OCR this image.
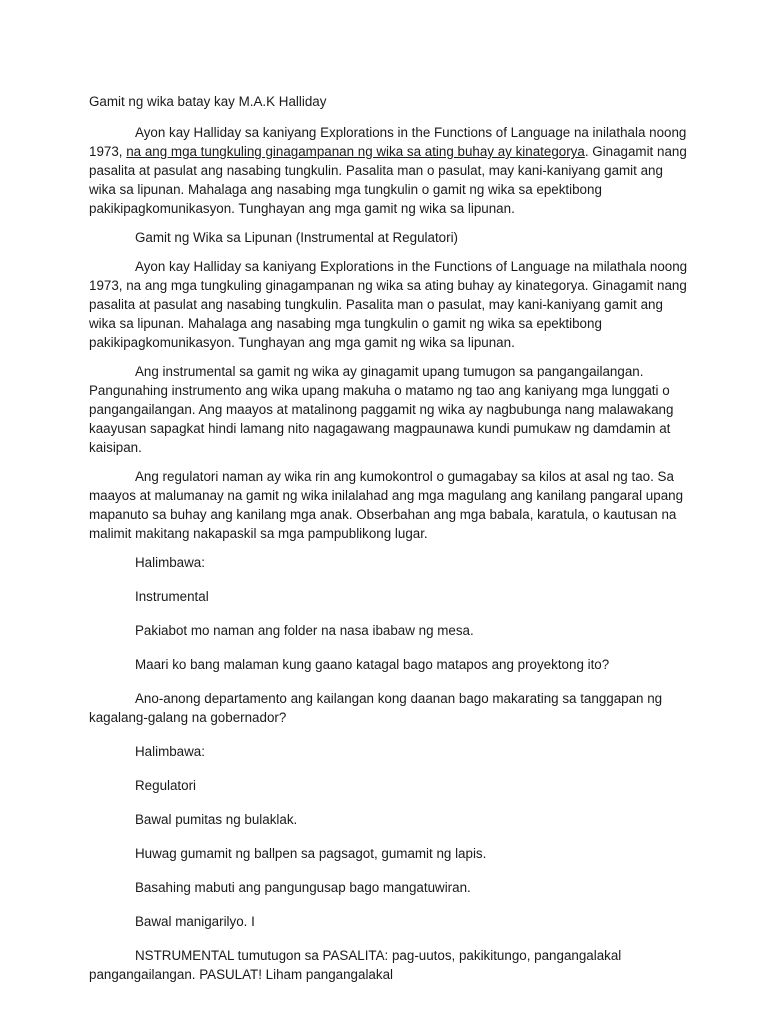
Gamit ng wika batay kay M.A.K Halliday

Ayon kay Halliday sa kaniyang Explorations in the Functions of Language na inilathala noong 1973, na ang mga tungkuling ginagampanan ng wika sa ating buhay ay kinategorya. Ginagamit nang pasalita at pasulat ang nasabing tungkulin. Pasalita man o pasulat, may kani-kaniyang gamit ang wika sa lipunan. Mahalaga ang nasabing mga tungkulin o gamit ng wika sa epektibong pakikipagkomunikasyon. Tunghayan ang mga gamit ng wika sa lipunan.

Gamit ng Wika sa Lipunan (Instrumental at Regulatori)

Ayon kay Halliday sa kaniyang Explorations in the Functions of Language na milathala noong 1973, na ang mga tungkuling ginagampanan ng wika sa ating buhay ay kinategorya. Ginagamit nang pasalita at pasulat ang nasabing tungkulin. Pasalita man o pasulat, may kani-kaniyang gamit ang wika sa lipunan. Mahalaga ang nasabing mga tungkulin o gamit ng wika sa epektibong pakikipagkomunikasyon. Tunghayan ang mga gamit ng wika sa lipunan.

Ang instrumental sa gamit ng wika ay ginagamit upang tumugon sa pangangailangan. Pangunahing instrumento ang wika upang makuha o matamo ng tao ang kaniyang mga lunggati o pangangailangan. Ang maayos at matalinong paggamit ng wika ay nagbubunga nang malawakang kaayusan sapagkat hindi lamang nito nagagawang magpaunawa kundi pumukaw ng damdamin at kaisipan.

Ang regulatori naman ay wika rin ang kumokontrol o gumagabay sa kilos at asal ng tao. Sa maayos at malumanay na gamit ng wika inilalahad ang mga magulang ang kanilang pangaral upang mapanuto sa buhay ang kanilang mga anak. Obserbahan ang mga babala, karatula, o kautusan na malimit makitang nakapaskil sa mga pampublikong lugar.

Halimbawa:

Instrumental

Pakiabot mo naman ang folder na nasa ibabaw ng mesa.

Maari ko bang malaman kung gaano katagal bago matapos ang proyektong ito?

Ano-anong departamento ang kailangan kong daanan bago makarating sa tanggapan ng kagalang-galang na gobernador?

Halimbawa:

Regulatori

Bawal pumitas ng bulaklak.

Huwag gumamit ng ballpen sa pagsagot, gumamit ng lapis.

Basahing mabuti ang pangungusap bago mangatuwiran.

Bawal manigarilyo. I

NSTRUMENTAL tumutugon sa PASALITA: pag-uutos, pakikitungo, pangangalakal pangangailangan. PASULAT! Liham pangangalakal
